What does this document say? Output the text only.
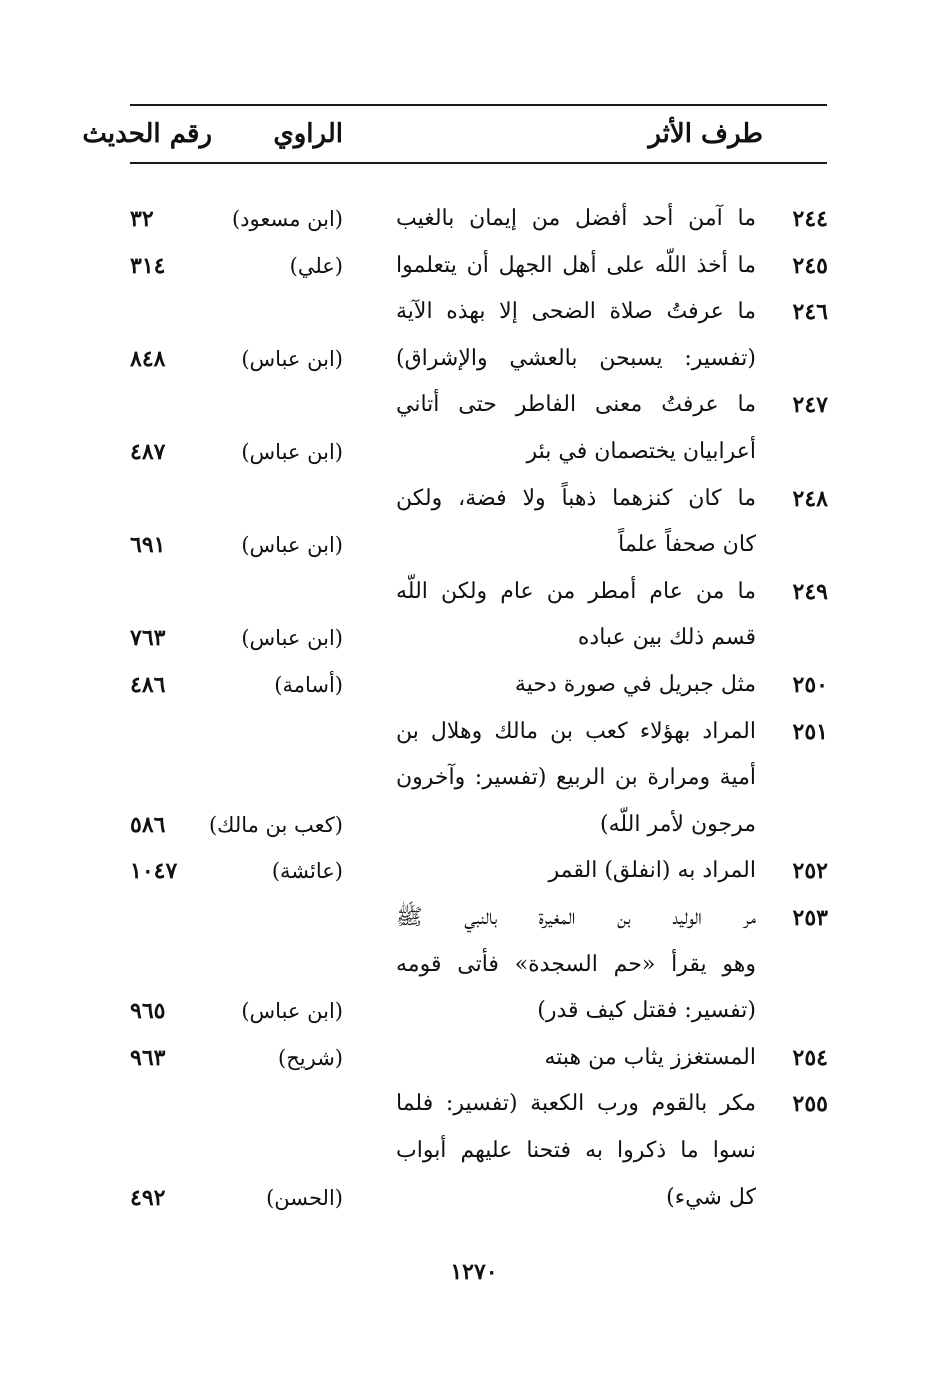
طرف الأثر
الراوي
رقم الحديث
٢٤٤
ما آمن أحد أفضل من إيمان بالغيب
(ابن مسعود)
٣٢
٢٤٥
ما أخذ اللّه على أهل الجهل أن يتعلموا
(علي)
٣١٤
٢٤٦
ما عرفتُ صلاة الضحى إلا بهذه الآية
(تفسير: يسبحن بالعشي والإشراق)
(ابن عباس)
٨٤٨
٢٤٧
ما عرفتُ معنى الفاطر حتى أتاني
أعرابيان يختصمان في بئر
(ابن عباس)
٤٨٧
٢٤٨
ما كان كنزهما ذهباً ولا فضة، ولكن
كان صحفاً علماً
(ابن عباس)
٦٩١
٢٤٩
ما من عام أمطر من عام ولكن اللّه
قسم ذلك بين عباده
(ابن عباس)
٧٦٣
٢٥٠
مثل جبريل في صورة دحية
(أسامة)
٤٨٦
٢٥١
المراد بهؤلاء كعب بن مالك وهلال بن
أمية ومرارة بن الربيع (تفسير: وآخرون
مرجون لأمر اللّه)
(كعب بن مالك)
٥٨٦
٢٥٢
المراد به (انفلق) القمر
(عائشة)
١٠٤٧
٢٥٣
مر الوليد بن المغيرة بالنبي ﷺ
وهو يقرأ «حم السجدة» فأتى قومه
(تفسير: فقتل كيف قدر)
(ابن عباس)
٩٦٥
٢٥٤
المستغزز يثاب من هبته
(شريح)
٩٦٣
٢٥٥
مكر بالقوم ورب الكعبة (تفسير: فلما
نسوا ما ذكروا به فتحنا عليهم أبواب
كل شيء)
(الحسن)
٤٩٢
١٢٧٠
